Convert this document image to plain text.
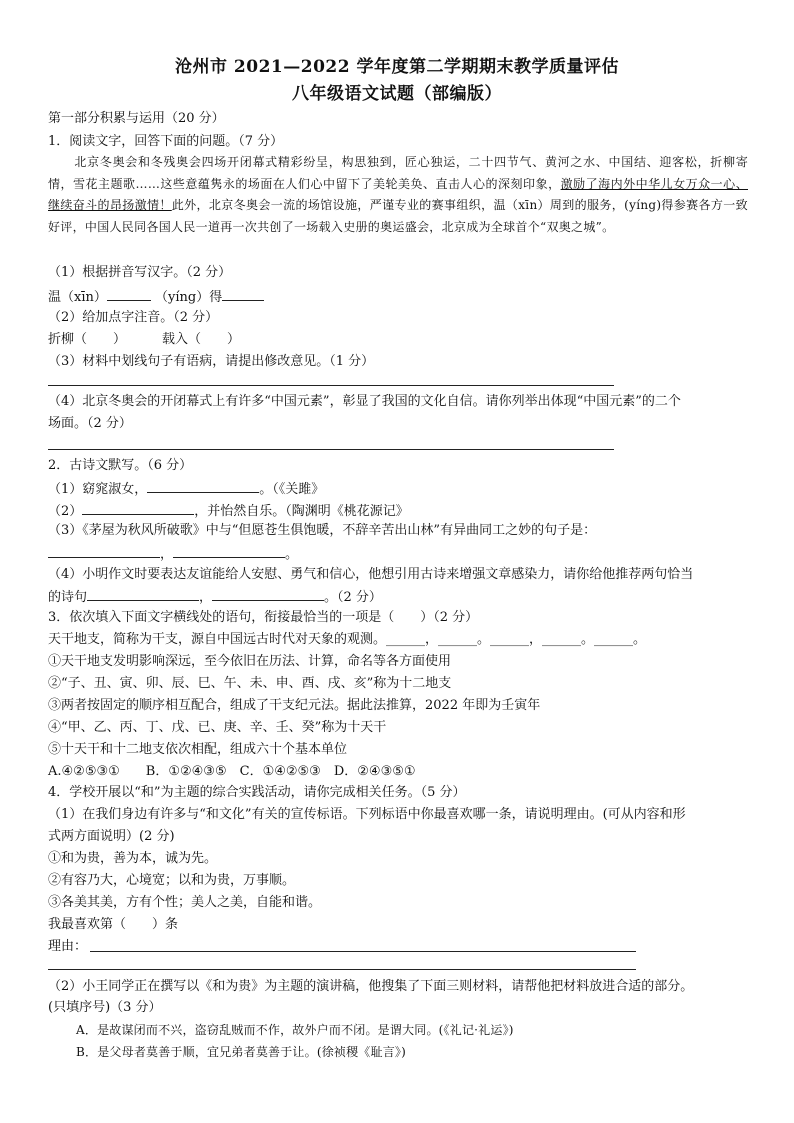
沧州市 2021—2022 学年度第二学期期末教学质量评估
八年级语文试题（部编版）
第一部分积累与运用（20 分）
1．阅读文字，回答下面的问题。（7 分）
北京冬奥会和冬残奥会四场开闭幕式精彩纷呈，构思独到，匠心独运，二十四节气、黄河之水、中国结、迎客松，折柳寄情，雪花主题歌……这些意蕴隽永的场面在人们心中留下了美轮美奂、直击人心的深刻印象，激励了海内外中华儿女万众一心、继续奋斗的昂扬激情！此外，北京冬奥会一流的场馆设施，严谨专业的赛事组织，温（xīn）周到的服务，(yíng)得参赛各方一致好评，中国人民同各国人民一道再一次共创了一场载入史册的奥运盛会，北京成为全球首个“双奥之城”。
（1）根据拼音写汉字。（2 分）
温（xīn）	（yíng）得
（2）给加点字注音。（2 分）
折柳（　　）	载入（　　）
（3）材料中划线句子有语病，请提出修改意见。（1 分）
（4）北京冬奥会的开闭幕式上有许多“中国元素”，彰显了我国的文化自信。请你列举出体现“中国元素”的二个
场面。（2 分）
2．古诗文默写。（6 分）
（1）窈窕淑女，	。（《关雎》
（2）	，并怡然自乐。（陶渊明《桃花源记》
（3）《茅屋为秋风所破歌》中与“但愿苍生俱饱暖，不辞辛苦出山林”有异曲同工之妙的句子是：
，	。
（4）小明作文时要表达友谊能给人安慰、勇气和信心，他想引用古诗来增强文章感染力，请你给他推荐两句恰当
的诗句	，	。（2 分）
3．依次填入下面文字横线处的语句，衔接最恰当的一项是（　　）（2 分）
天干地支，简称为干支，源自中国远古时代对天象的观测。______，______。______，______。______。
①天干地支发明影响深远，至今依旧在历法、计算，命名等各方面使用
②“子、丑、寅、卯、辰、巳、午、未、申、酉、戌、亥”称为十二地支
③两者按固定的顺序相互配合，组成了干支纪元法。据此法推算，2022 年即为壬寅年
④“甲、乙、丙、丁、戊、已、庚、辛、壬、癸”称为十天干
⑤十天干和十二地支依次相配，组成六十个基本单位
A.④②⑤③①　　B．①②④③⑤　C．①④②⑤③　D．②④③⑤①
4．学校开展以“和”为主题的综合实践活动，请你完成相关任务。（5 分）
（1）在我们身边有许多与“和文化”有关的宣传标语。下列标语中你最喜欢哪一条，请说明理由。(可从内容和形
式两方面说明）(2 分)
①和为贵，善为本，诚为先。
②有容乃大，心境宽；以和为贵，万事顺。
③各美其美，方有个性；美人之美，自能和谐。
我最喜欢第（　　）条
理由：
（2）小王同学正在撰写以《和为贵》为主题的演讲稿，他搜集了下面三则材料，请帮他把材料放进合适的部分。
(只填序号)（3 分）
A．是故谋闭而不兴，盗窃乱贼而不作，故外户而不闭。是谓大同。(《礼记·礼运》)
B．是父母者莫善于顺，宜兄弟者莫善于让。(徐祯稷《耻言》)
